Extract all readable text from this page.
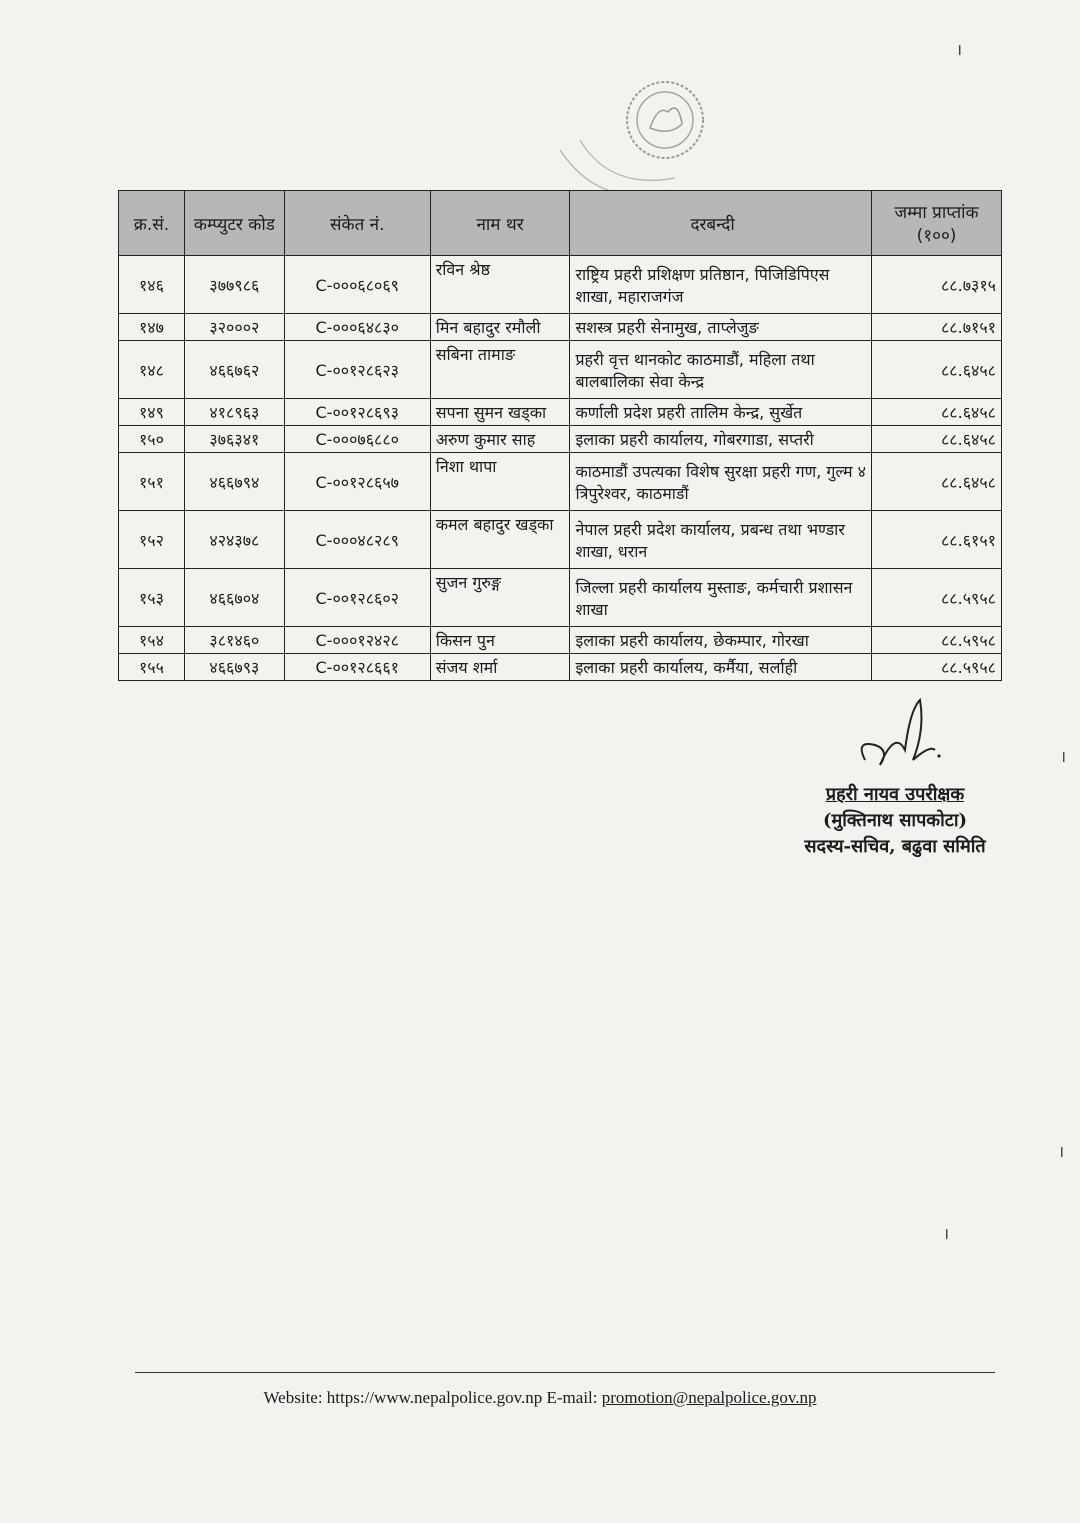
।
।
।
।
क्र.सं.	कम्प्युटर कोड	संकेत नं.	नाम थर	दरबन्दी	जम्मा प्राप्तांक (१००)
१४६	३७७९८६	C-०००६८०६९	रविन श्रेष्ठ	राष्ट्रिय प्रहरी प्रशिक्षण प्रतिष्ठान, पिजिडिपिएस शाखा, महाराजगंज	८८.७३१५
१४७	३२०००२	C-०००६४८३०	मिन बहादुर रमौली	सशस्त्र प्रहरी सेनामुख, ताप्लेजुङ	८८.७१५१
१४८	४६६७६२	C-००१२८६२३	सबिना तामाङ	प्रहरी वृत्त थानकोट काठमाडौं, महिला तथा बालबालिका सेवा केन्द्र	८८.६४५८
१४९	४१८९६३	C-००१२८६९३	सपना सुमन खड्का	कर्णाली प्रदेश प्रहरी तालिम केन्द्र, सुर्खेत	८८.६४५८
१५०	३७६३४१	C-०००७६८८०	अरुण कुमार साह	इलाका प्रहरी कार्यालय, गोबरगाडा, सप्तरी	८८.६४५८
१५१	४६६७९४	C-००१२८६५७	निशा थापा	काठमाडौं उपत्यका विशेष सुरक्षा प्रहरी गण, गुल्म ४ त्रिपुरेश्वर, काठमाडौं	८८.६४५८
१५२	४२४३७८	C-०००४८२८९	कमल बहादुर खड्का	नेपाल प्रहरी प्रदेश कार्यालय, प्रबन्ध तथा भण्डार शाखा, धरान	८८.६१५१
१५३	४६६७०४	C-००१२८६०२	सुजन गुरुङ्ग	जिल्ला प्रहरी कार्यालय मुस्ताङ, कर्मचारी प्रशासन शाखा	८८.५९५८
१५४	३८१४६०	C-०००१२४२८	किसन पुन	इलाका प्रहरी कार्यालय, छेकम्पार, गोरखा	८८.५९५८
१५५	४६६७९३	C-००१२८६६१	संजय शर्मा	इलाका प्रहरी कार्यालय, कर्मैया, सर्लाही	८८.५९५८
प्रहरी नायव उपरीक्षक
(मुक्तिनाथ सापकोटा)
सदस्य-सचिव, बढुवा समिति
Website: https://www.nepalpolice.gov.np E-mail: promotion@nepalpolice.gov.np
